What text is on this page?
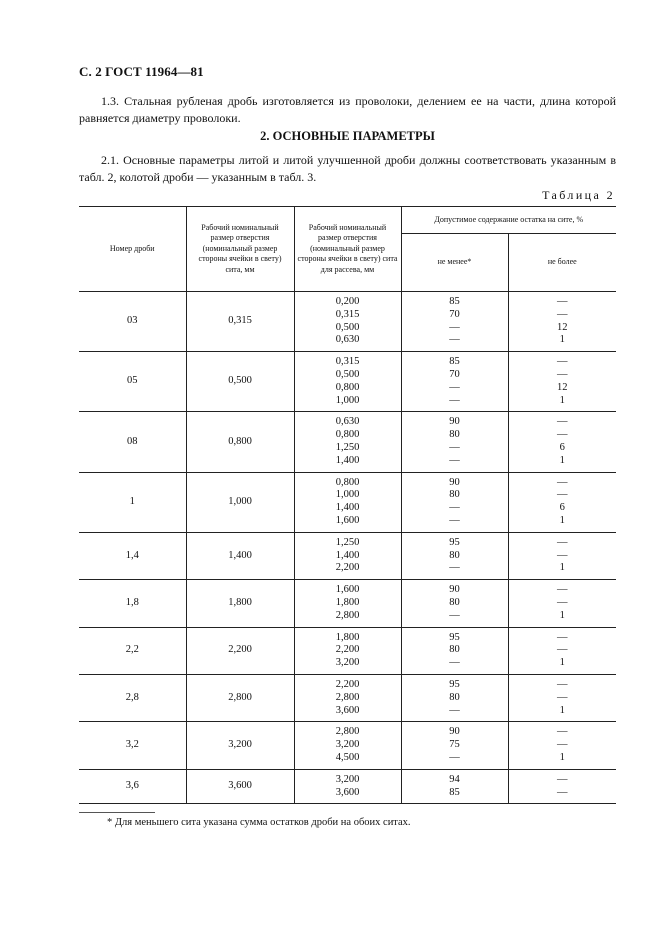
С. 2 ГОСТ 11964—81
1.3. Стальная рубленая дробь изготовляется из проволоки, делением ее на части, длина которой равняется диаметру проволоки.
2. ОСНОВНЫЕ ПАРАМЕТРЫ
2.1. Основные параметры литой и литой улучшенной дроби должны соответствовать указанным в табл. 2, колотой дроби — указанным в табл. 3.
Таблица 2
Номер дроби	Рабочий номинальный размер отверстия (номинальный размер стороны ячейки в свету) сита, мм	Рабочий номинальный размер отверстия (номинальный размер стороны ячейки в свету) сита для рассева, мм	Допустимое содержание остатка на сите, %	
			не менее*	не более
03	0,315	0,200
0,315
0,500
0,630	85
70
—
—	—
—
12
1

05	0,500	0,315
0,500
0,800
1,000	85
70
—
—	—
—
12
1

08	0,800	0,630
0,800
1,250
1,400	90
80
—
—	—
—
6
1

1	1,000	0,800
1,000
1,400
1,600	90
80
—
—	—
—
6
1

1,4	1,400	1,250
1,400
2,200	95
80
—	—
—
1

1,8	1,800	1,600
1,800
2,800	90
80
—	—
—
1

2,2	2,200	1,800
2,200
3,200	95
80
—	—
—
1

2,8	2,800	2,200
2,800
3,600	95
80
—	—
—
1

3,2	3,200	2,800
3,200
4,500	90
75
—	—
—
1

3,6	3,600	3,200
3,600	94
85	—
—
* Для меньшего сита указана сумма остатков дроби на обоих ситах.
